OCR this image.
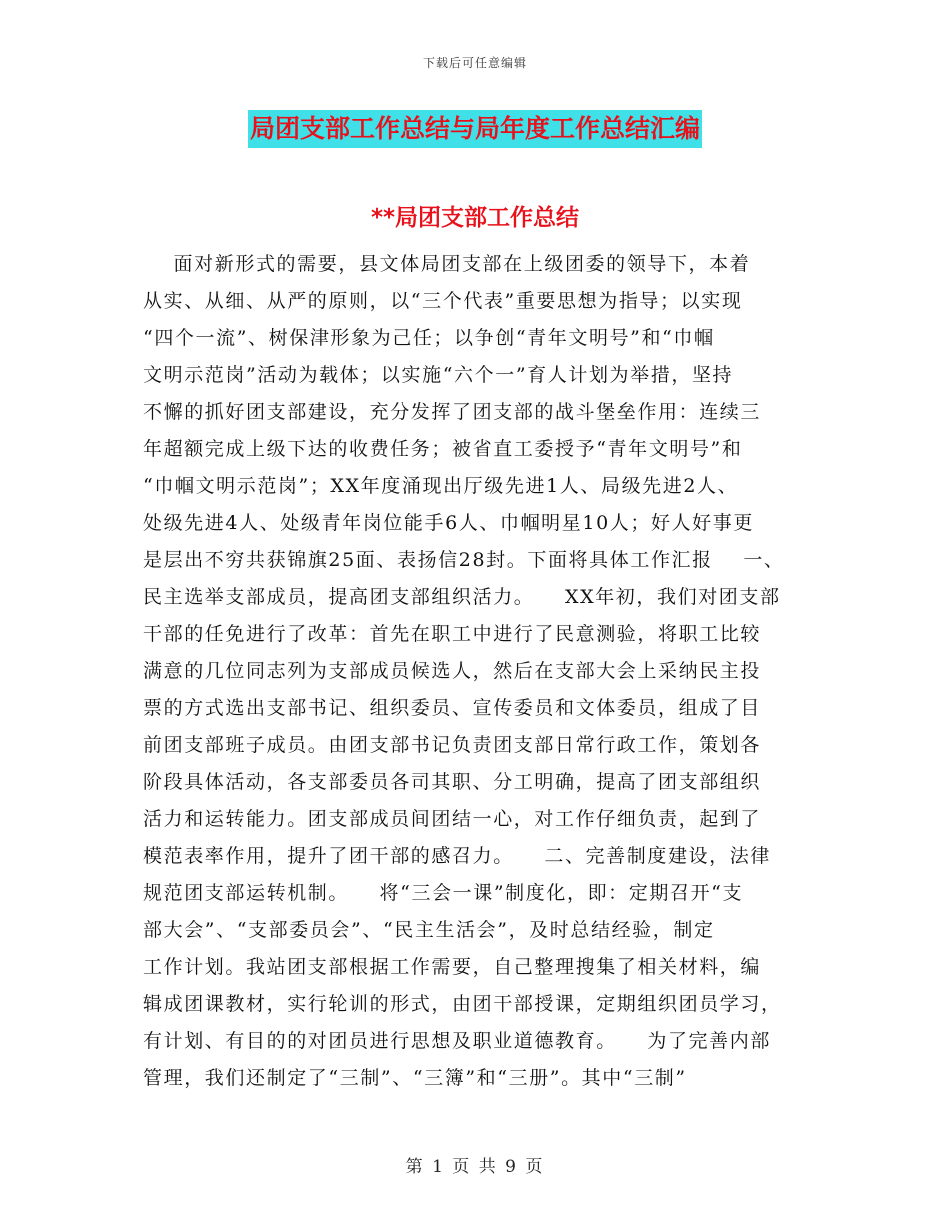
下载后可任意编辑
局团支部工作总结与局年度工作总结汇编
**局团支部工作总结
面对新形式的需要，县文体局团支部在上级团委的领导下，本着
从实、从细、从严的原则，以“三个代表”重要思想为指导；以实现
“四个一流”、树保津形象为己任；以争创“青年文明号”和“巾帼
文明示范岗”活动为载体；以实施“六个一”育人计划为举措，坚持
不懈的抓好团支部建设，充分发挥了团支部的战斗堡垒作用：连续三
年超额完成上级下达的收费任务；被省直工委授予“青年文明号”和
“巾帼文明示范岗”；XX年度涌现出厅级先进1人、局级先进2人、
处级先进4人、处级青年岗位能手6人、巾帼明星10人；好人好事更
是层出不穷共获锦旗25面、表扬信28封。下面将具体工作汇报    一、
民主选举支部成员，提高团支部组织活力。    XX年初，我们对团支部
干部的任免进行了改革：首先在职工中进行了民意测验，将职工比较
满意的几位同志列为支部成员候选人，然后在支部大会上采纳民主投
票的方式选出支部书记、组织委员、宣传委员和文体委员，组成了目
前团支部班子成员。由团支部书记负责团支部日常行政工作，策划各
阶段具体活动，各支部委员各司其职、分工明确，提高了团支部组织
活力和运转能力。团支部成员间团结一心，对工作仔细负责，起到了
模范表率作用，提升了团干部的感召力。    二、完善制度建设，法律
规范团支部运转机制。    将“三会一课”制度化，即：定期召开“支
部大会”、“支部委员会”、“民主生活会”，及时总结经验，制定
工作计划。我站团支部根据工作需要，自己整理搜集了相关材料，编
辑成团课教材，实行轮训的形式，由团干部授课，定期组织团员学习，
有计划、有目的的对团员进行思想及职业道德教育。    为了完善内部
管理，我们还制定了“三制”、“三簿”和“三册”。其中“三制”
第 1 页 共 9 页
